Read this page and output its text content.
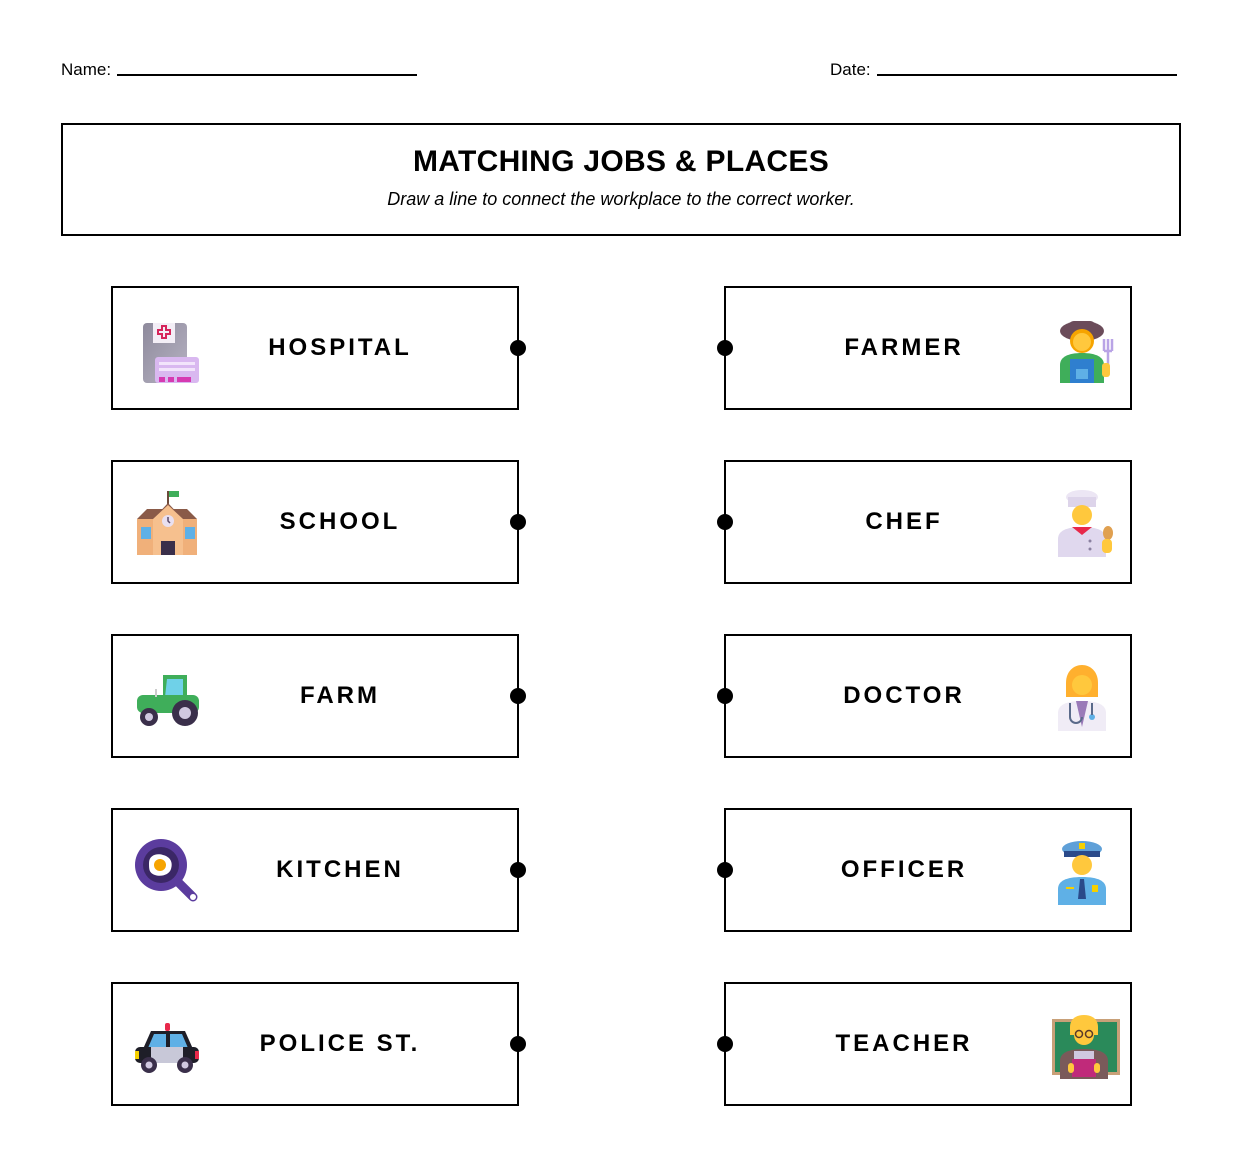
Name:	Date:
MATCHING JOBS & PLACES

Draw a line to connect the workplace to the correct worker.

HOSPITAL
SCHOOL
FARM
KITCHEN
POLICE ST.
FARMER
CHEF
DOCTOR
OFFICER
TEACHER
